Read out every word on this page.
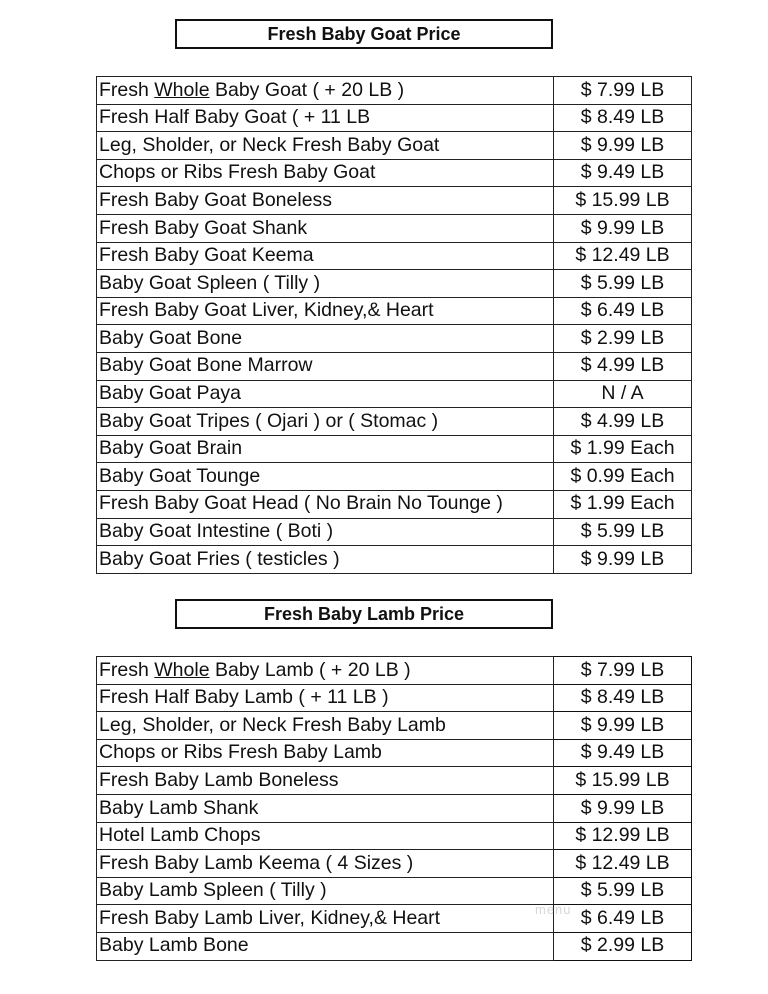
Fresh Baby Goat Price
Fresh Whole Baby Goat ( + 20 LB )	$ 7.99 LB
Fresh Half Baby Goat ( + 11 LB	$ 8.49 LB
Leg, Sholder, or Neck Fresh Baby Goat	$ 9.99 LB
Chops or Ribs Fresh Baby Goat	$ 9.49 LB
Fresh Baby Goat Boneless	$ 15.99 LB
Fresh Baby Goat Shank	$ 9.99 LB
Fresh Baby Goat Keema	$ 12.49 LB
Baby Goat Spleen ( Tilly )	$ 5.99 LB
Fresh Baby Goat Liver, Kidney,& Heart	$ 6.49 LB
Baby Goat Bone	$ 2.99 LB
Baby Goat Bone Marrow	$ 4.99 LB
Baby Goat Paya	N / A
Baby Goat Tripes ( Ojari ) or ( Stomac )	$ 4.99 LB
Baby Goat Brain	$ 1.99 Each
Baby Goat Tounge	$ 0.99 Each
Fresh Baby Goat Head ( No Brain No Tounge )	$ 1.99 Each
Baby Goat Intestine ( Boti )	$ 5.99 LB
Baby Goat Fries ( testicles )	$ 9.99 LB
Fresh Baby Lamb Price
Fresh Whole Baby Lamb ( + 20 LB )	$ 7.99 LB
Fresh Half Baby Lamb ( + 11 LB )	$ 8.49 LB
Leg, Sholder, or Neck Fresh Baby Lamb	$ 9.99 LB
Chops or Ribs Fresh Baby Lamb	$ 9.49 LB
Fresh Baby Lamb Boneless	$ 15.99 LB
Baby Lamb Shank	$ 9.99 LB
Hotel Lamb Chops	$ 12.99 LB
Fresh Baby Lamb Keema ( 4 Sizes )	$ 12.49 LB
Baby Lamb Spleen ( Tilly )	$ 5.99 LB
Fresh Baby Lamb Liver, Kidney,& Heart	$ 6.49 LB
Baby Lamb Bone	$ 2.99 LB
menu
